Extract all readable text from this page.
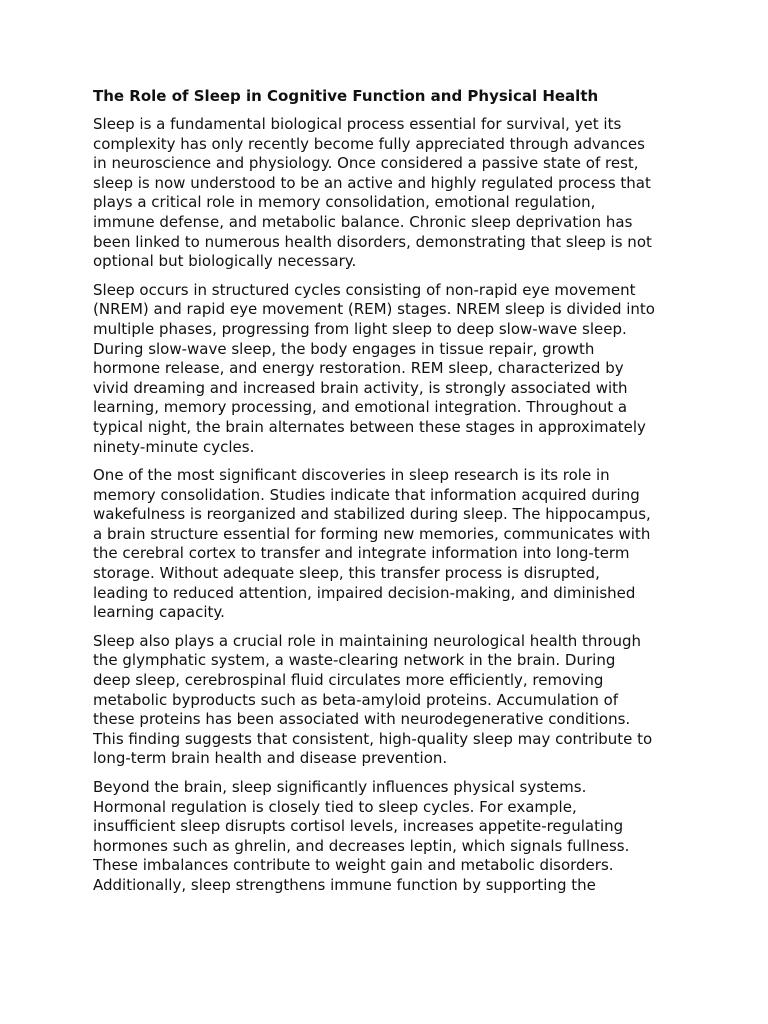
The Role of Sleep in Cognitive Function and Physical Health
Sleep is a fundamental biological process essential for survival, yet its
complexity has only recently become fully appreciated through advances
in neuroscience and physiology. Once considered a passive state of rest,
sleep is now understood to be an active and highly regulated process that
plays a critical role in memory consolidation, emotional regulation,
immune defense, and metabolic balance. Chronic sleep deprivation has
been linked to numerous health disorders, demonstrating that sleep is not
optional but biologically necessary.
Sleep occurs in structured cycles consisting of non-rapid eye movement
(NREM) and rapid eye movement (REM) stages. NREM sleep is divided into
multiple phases, progressing from light sleep to deep slow-wave sleep.
During slow-wave sleep, the body engages in tissue repair, growth
hormone release, and energy restoration. REM sleep, characterized by
vivid dreaming and increased brain activity, is strongly associated with
learning, memory processing, and emotional integration. Throughout a
typical night, the brain alternates between these stages in approximately
ninety-minute cycles.
One of the most significant discoveries in sleep research is its role in
memory consolidation. Studies indicate that information acquired during
wakefulness is reorganized and stabilized during sleep. The hippocampus,
a brain structure essential for forming new memories, communicates with
the cerebral cortex to transfer and integrate information into long-term
storage. Without adequate sleep, this transfer process is disrupted,
leading to reduced attention, impaired decision-making, and diminished
learning capacity.
Sleep also plays a crucial role in maintaining neurological health through
the glymphatic system, a waste-clearing network in the brain. During
deep sleep, cerebrospinal fluid circulates more efficiently, removing
metabolic byproducts such as beta-amyloid proteins. Accumulation of
these proteins has been associated with neurodegenerative conditions.
This finding suggests that consistent, high-quality sleep may contribute to
long-term brain health and disease prevention.
Beyond the brain, sleep significantly influences physical systems.
Hormonal regulation is closely tied to sleep cycles. For example,
insufficient sleep disrupts cortisol levels, increases appetite-regulating
hormones such as ghrelin, and decreases leptin, which signals fullness.
These imbalances contribute to weight gain and metabolic disorders.
Additionally, sleep strengthens immune function by supporting the
